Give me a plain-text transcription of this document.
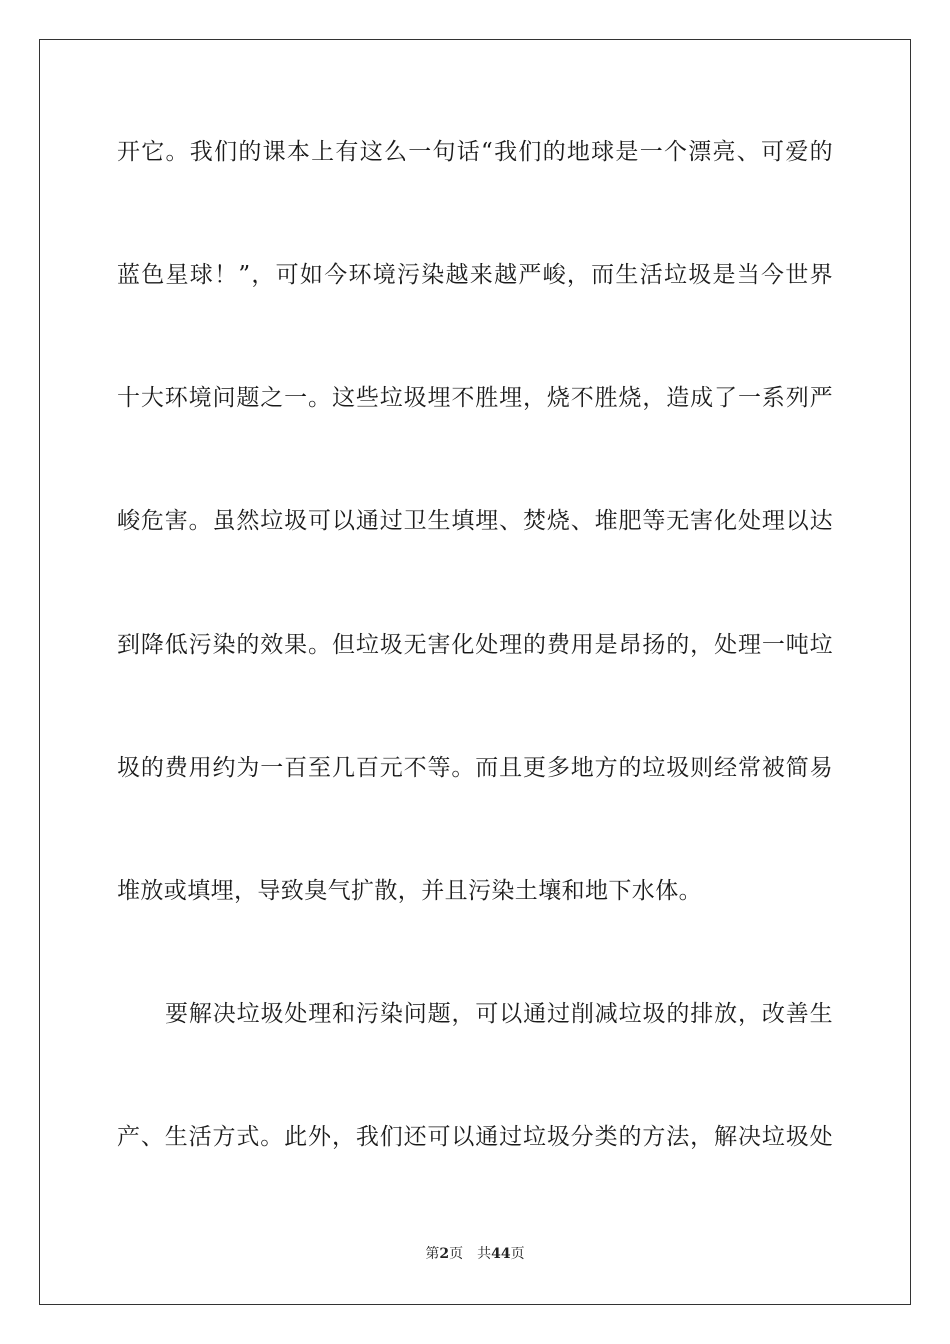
开它。我们的课本上有这么一句话“我们的地球是一个漂亮、可爱的
蓝色星球！”，可如今环境污染越来越严峻，而生活垃圾是当今世界
十大环境问题之一。这些垃圾埋不胜埋，烧不胜烧，造成了一系列严
峻危害。虽然垃圾可以通过卫生填埋、焚烧、堆肥等无害化处理以达
到降低污染的效果。但垃圾无害化处理的费用是昂扬的，处理一吨垃
圾的费用约为一百至几百元不等。而且更多地方的垃圾则经常被简易
堆放或填埋，导致臭气扩散，并且污染土壤和地下水体。
要解决垃圾处理和污染问题，可以通过削减垃圾的排放，改善生
产、生活方式。此外，我们还可以通过垃圾分类的方法，解决垃圾处
第2页 共44页
